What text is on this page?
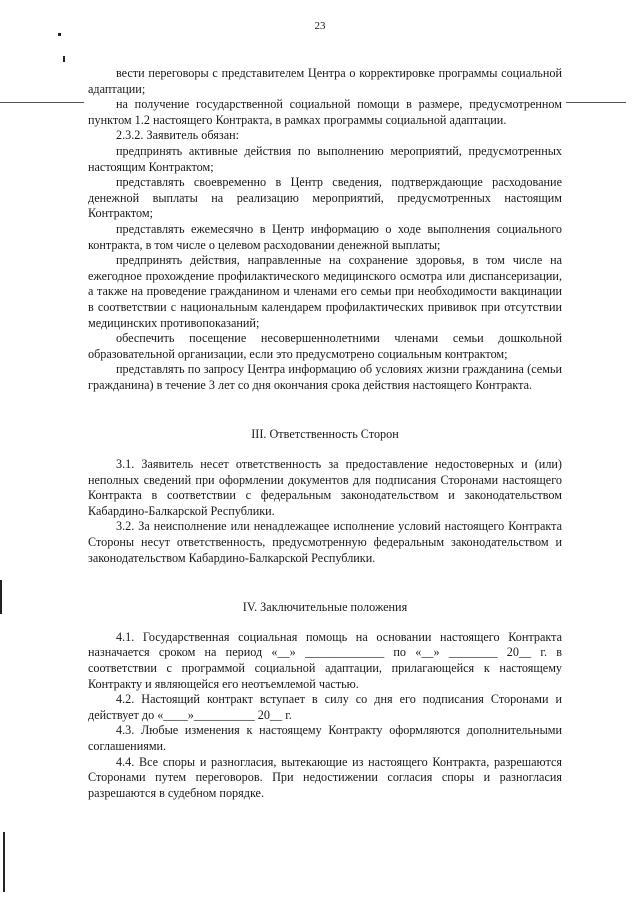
23

вести переговоры с представителем Центра о корректировке программы социальной адаптации;

на получение государственной социальной помощи в размере, предусмотренном пунктом 1.2 настоящего Контракта, в рамках программы социальной адаптации.

2.3.2. Заявитель обязан:

предпринять активные действия по выполнению мероприятий, предусмотренных настоящим Контрактом;

представлять своевременно в Центр сведения, подтверждающие расходование денежной выплаты на реализацию мероприятий, предусмотренных настоящим Контрактом;

представлять ежемесячно в Центр информацию о ходе выполнения социального контракта, в том числе о целевом расходовании денежной выплаты;

предпринять действия, направленные на сохранение здоровья, в том числе на ежегодное прохождение профилактического медицинского осмотра или диспансеризации, а также на проведение гражданином и членами его семьи при необходимости вакцинации в соответствии с национальным календарем профилактических прививок при отсутствии медицинских противопоказаний;

обеспечить посещение несовершеннолетними членами семьи дошкольной образовательной организации, если это предусмотрено социальным контрактом;

представлять по запросу Центра информацию об условиях жизни гражданина (семьи гражданина) в течение 3 лет со дня окончания срока действия настоящего Контракта.

III. Ответственность Сторон

3.1. Заявитель несет ответственность за предоставление недостоверных и (или) неполных сведений при оформлении документов для подписания Сторонами настоящего Контракта в соответствии с федеральным законодательством и законодательством Кабардино-Балкарской Республики.

3.2. За неисполнение или ненадлежащее исполнение условий настоящего Контракта Стороны несут ответственность, предусмотренную федеральным законодательством и законодательством Кабардино-Балкарской Республики.

IV. Заключительные положения

4.1. Государственная социальная помощь на основании настоящего Контракта назначается сроком на период «__» _____________ по «__» ________ 20__ г. в соответствии с программой социальной адаптации, прилагающейся к настоящему Контракту и являющейся его неотъемлемой частью.

4.2. Настоящий контракт вступает в силу со дня его подписания Сторонами и действует до «____»__________ 20__ г.

4.3. Любые изменения к настоящему Контракту оформляются дополнительными соглашениями.

4.4. Все споры и разногласия, вытекающие из настоящего Контракта, разрешаются Сторонами путем переговоров. При недостижении согласия споры и разногласия разрешаются в судебном порядке.
